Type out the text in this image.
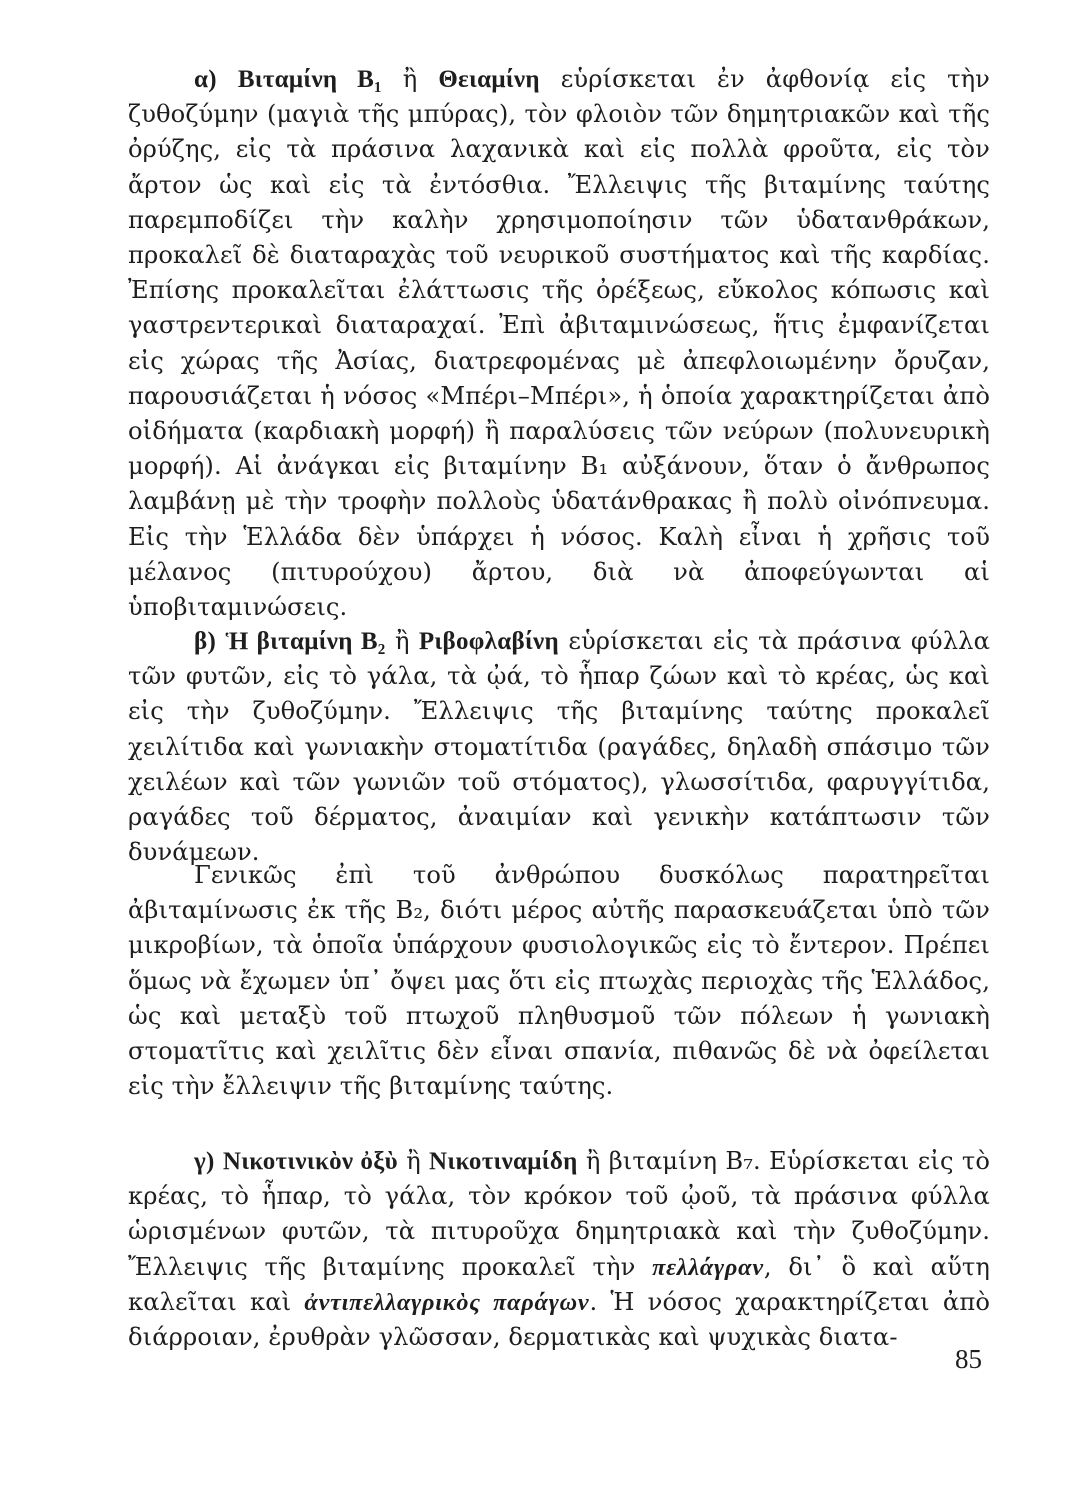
α) Βιταμίνη Β₁ ἢ Θειαμίνη εὑρίσκεται ἐν ἀφθονίᾳ εἰς τὴν ζυθοζύμην (μαγιὰ τῆς μπύρας), τὸν φλοιὸν τῶν δημητριακῶν καὶ τῆς ὀρύζης, εἰς τὰ πράσινα λαχανικὰ καὶ εἰς πολλὰ φροῦτα, εἰς τὸν ἄρτον ὡς καὶ εἰς τὰ ἐντόσθια. Ἔλλειψις τῆς βιταμίνης ταύτης παρεμποδίζει τὴν καλὴν χρησιμοποίησιν τῶν ὑδατανθράκων, προκαλεῖ δὲ διαταραχὰς τοῦ νευρικοῦ συστήματος καὶ τῆς καρδίας. Ἐπίσης προκαλεῖται ἐλάττωσις τῆς ὀρέξεως, εὔκολος κόπωσις καὶ γαστρεντερικαὶ διαταραχαί. Ἐπὶ ἀβιταμινώσεως, ἥτις ἐμφανίζεται εἰς χώρας τῆς Ἀσίας, διατρεφομένας μὲ ἀπεφλοιωμένην ὄρυζαν, παρουσιάζεται ἡ νόσος «Μπέρι–Μπέρι», ἡ ὁποία χαρακτηρίζεται ἀπὸ οἰδήματα (καρδιακὴ μορφή) ἢ παραλύσεις τῶν νεύρων (πολυνευρικὴ μορφή). Αἱ ἀνάγκαι εἰς βιταμίνην Β₁ αὐξάνουν, ὅταν ὁ ἄνθρωπος λαμβάνῃ μὲ τὴν τροφὴν πολλοὺς ὑδατάνθρακας ἢ πολὺ οἰνόπνευμα. Εἰς τὴν Ἑλλάδα δὲν ὑπάρχει ἡ νόσος. Καλὴ εἶναι ἡ χρῆσις τοῦ μέλανος (πιτυρούχου) ἄρτου, διὰ νὰ ἀποφεύγωνται αἱ ὑποβιταμινώσεις.

β) Ἡ βιταμίνη Β₂ ἢ Ριβοφλαβίνη εὑρίσκεται εἰς τὰ πράσινα φύλλα τῶν φυτῶν, εἰς τὸ γάλα, τὰ ᾠά, τὸ ἧπαρ ζώων καὶ τὸ κρέας, ὡς καὶ εἰς τὴν ζυθοζύμην. Ἔλλειψις τῆς βιταμίνης ταύτης προκαλεῖ χειλίτιδα καὶ γωνιακὴν στοματίτιδα (ραγάδες, δηλαδὴ σπάσιμο τῶν χειλέων καὶ τῶν γωνιῶν τοῦ στόματος), γλωσσίτιδα, φαρυγγίτιδα, ραγάδες τοῦ δέρματος, ἀναιμίαν καὶ γενικὴν κατάπτωσιν τῶν δυνάμεων.

Γενικῶς ἐπὶ τοῦ ἀνθρώπου δυσκόλως παρατηρεῖται ἀβιταμίνωσις ἐκ τῆς Β₂, διότι μέρος αὐτῆς παρασκευάζεται ὑπὸ τῶν μικροβίων, τὰ ὁποῖα ὑπάρχουν φυσιολογικῶς εἰς τὸ ἔντερον. Πρέπει ὅμως νὰ ἔχωμεν ὑπ᾽ ὄψει μας ὅτι εἰς πτωχὰς περιοχὰς τῆς Ἑλλάδος, ὡς καὶ μεταξὺ τοῦ πτωχοῦ πληθυσμοῦ τῶν πόλεων ἡ γωνιακὴ στοματῖτις καὶ χειλῖτις δὲν εἶναι σπανία, πιθανῶς δὲ νὰ ὀφείλεται εἰς τὴν ἔλλειψιν τῆς βιταμίνης ταύτης.

γ) Νικοτινικὸν ὀξὺ ἢ Νικοτιναμίδη ἢ βιταμίνη Β₇. Εὑρίσκεται εἰς τὸ κρέας, τὸ ἧπαρ, τὸ γάλα, τὸν κρόκον τοῦ ᾠοῦ, τὰ πράσινα φύλλα ὡρισμένων φυτῶν, τὰ πιτυροῦχα δημητριακὰ καὶ τὴν ζυθοζύμην. Ἔλλειψις τῆς βιταμίνης προκαλεῖ τὴν πελλάγραν, δι᾽ ὃ καὶ αὕτη καλεῖται καὶ ἀντιπελλαγρικὸς παράγων. Ἡ νόσος χαρακτηρίζεται ἀπὸ διάρροιαν, ἐρυθρὰν γλῶσσαν, δερματικὰς καὶ ψυχικὰς διατα-

85
